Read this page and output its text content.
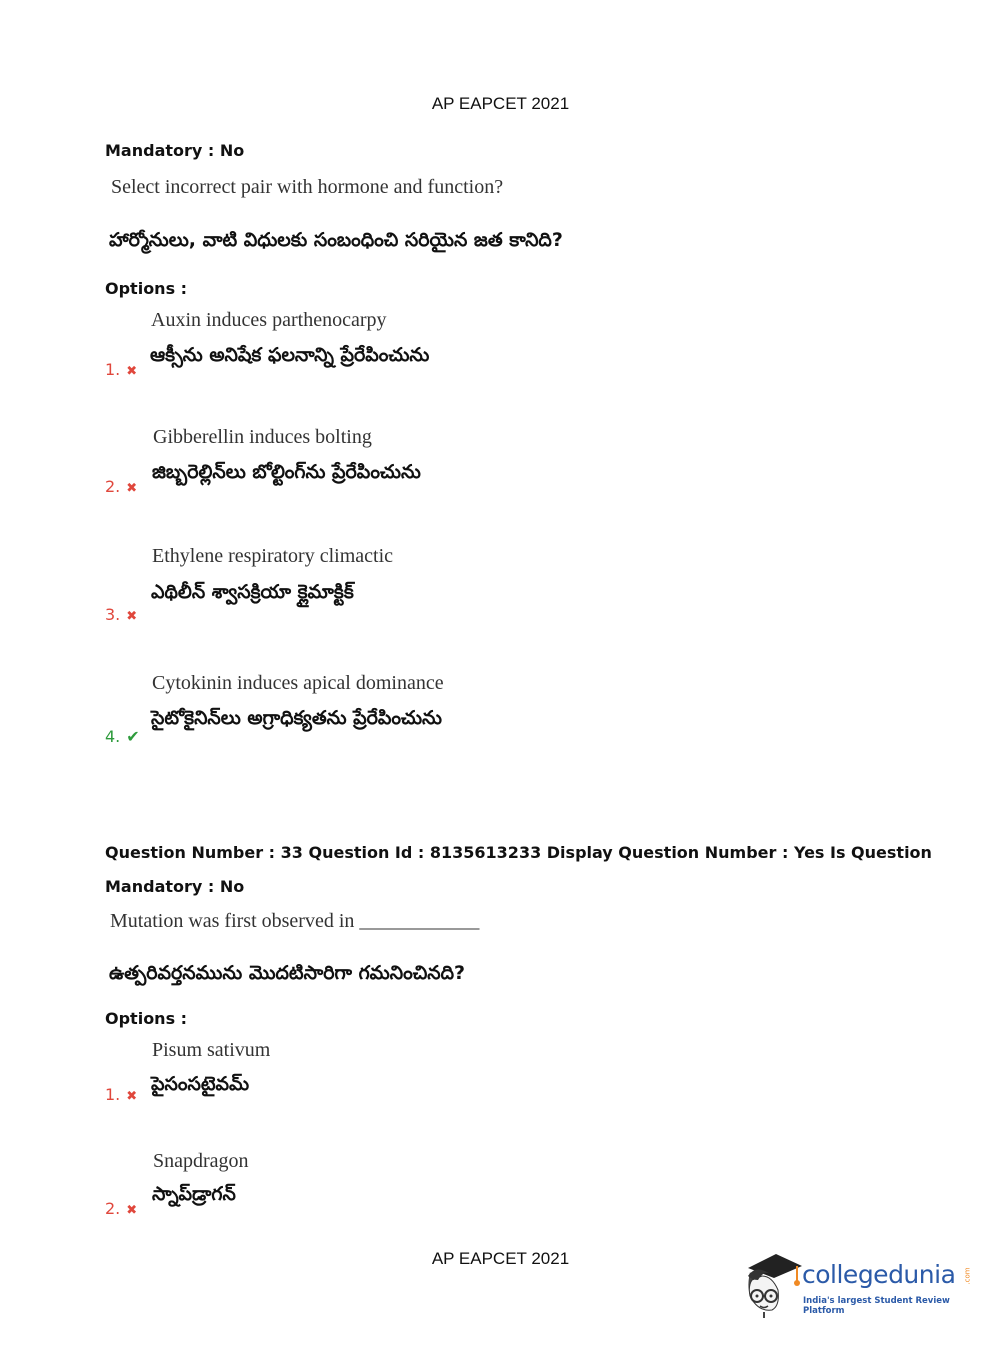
AP EAPCET 2021
Mandatory : No
Select incorrect pair with hormone and function?
హార్మోనులు, వాటి విధులకు సంబంధించి సరియైన జత కానిది?
Options :
Auxin induces parthenocarpy
ఆక్సీను అనిషేక ఫలనాన్ని ప్రేరేపించును
1. ✖
Gibberellin induces bolting
జిబ్బరెల్లిన్‌లు బోల్టింగ్‌ను ప్రేరేపించును
2. ✖
Ethylene respiratory climactic
ఎథిలీన్ శ్వాసక్రియా క్లైమాక్టిక్
3. ✖
Cytokinin induces apical dominance
సైటోకైనిన్‌లు అగ్రాధిక్యతను ప్రేరేపించును
4. ✔
Question Number : 33 Question Id : 8135613233 Display Question Number : Yes Is Question
Mandatory : No
Mutation was first observed in ____________
ఉత్పరివర్తనమును మొదటిసారిగా గమనించినది?
Options :
Pisum sativum
పైసంసటైవమ్
1. ✖
Snapdragon
స్నాప్‌డ్రాగన్
2. ✖
AP EAPCET 2021
collegedunia .com
India's largest Student Review Platform
